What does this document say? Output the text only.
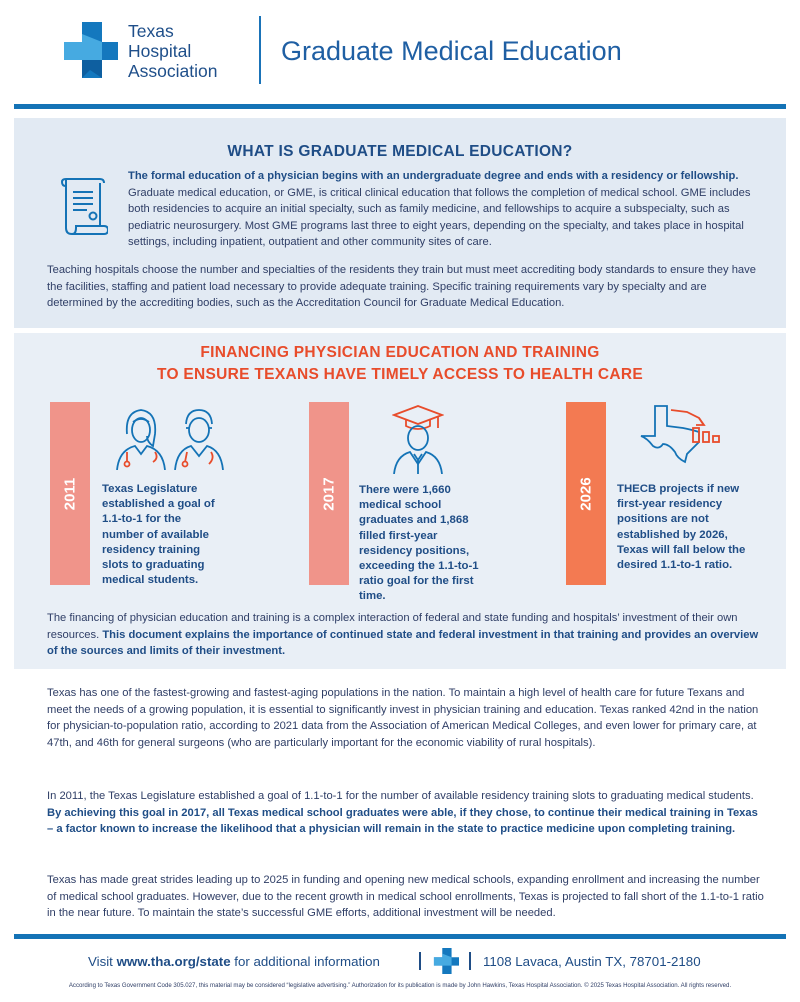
Texas
Hospital
Association
Graduate Medical Education
WHAT IS GRADUATE MEDICAL EDUCATION?

The formal education of a physician begins with an undergraduate degree and ends with a residency or fellowship. Graduate medical education, or GME, is critical clinical education that follows the completion of medical school. GME includes both residencies to acquire an initial specialty, such as family medicine, and fellowships to acquire a subspecialty, such as pediatric neurosurgery. Most GME programs last three to eight years, depending on the specialty, and takes place in hospital settings, including inpatient, outpatient and other community sites of care.

Teaching hospitals choose the number and specialties of the residents they train but must meet accrediting body standards to ensure they have the facilities, staffing and patient load necessary to provide adequate training. Specific training requirements vary by specialty and are determined by the accrediting bodies, such as the Accreditation Council for Graduate Medical Education.

FINANCING PHYSICIAN EDUCATION AND TRAINING
TO ENSURE TEXANS HAVE TIMELY ACCESS TO HEALTH CARE
2011 Texas Legislature established a goal of 1.1-to-1 for the number of available residency training slots to graduating medical students.
2017 There were 1,660 medical school graduates and 1,868 filled first-year residency positions, exceeding the 1.1-to-1 ratio goal for the first time.
2026 THECB projects if new first-year residency positions are not established by 2026, Texas will fall below the desired 1.1-to-1 ratio.

The financing of physician education and training is a complex interaction of federal and state funding and hospitals’ investment of their own resources. This document explains the importance of continued state and federal investment in that training and provides an overview of the sources and limits of their investment.

Texas has one of the fastest-growing and fastest-aging populations in the nation. To maintain a high level of health care for future Texans and meet the needs of a growing population, it is essential to significantly invest in physician training and education. Texas ranked 42nd in the nation for physician-to-population ratio, according to 2021 data from the Association of American Medical Colleges, and even lower for primary care, at 47th, and 46th for general surgeons (who are particularly important for the economic viability of rural hospitals).

In 2011, the Texas Legislature established a goal of 1.1-to-1 for the number of available residency training slots to graduating medical students. By achieving this goal in 2017, all Texas medical school graduates were able, if they chose, to continue their medical training in Texas – a factor known to increase the likelihood that a physician will remain in the state to practice medicine upon completing training.

Texas has made great strides leading up to 2025 in funding and opening new medical schools, expanding enrollment and increasing the number of medical school graduates. However, due to the recent growth in medical school enrollments, Texas is projected to fall short of the 1.1-to-1 ratio in the near future. To maintain the state’s successful GME efforts, additional investment will be needed.

Visit www.tha.org/state for additional information	1108 Lavaca, Austin TX, 78701-2180
According to Texas Government Code 305.027, this material may be considered “legislative advertising.” Authorization for its publication is made by John Hawkins, Texas Hospital Association. © 2025 Texas Hospital Association. All rights reserved.
